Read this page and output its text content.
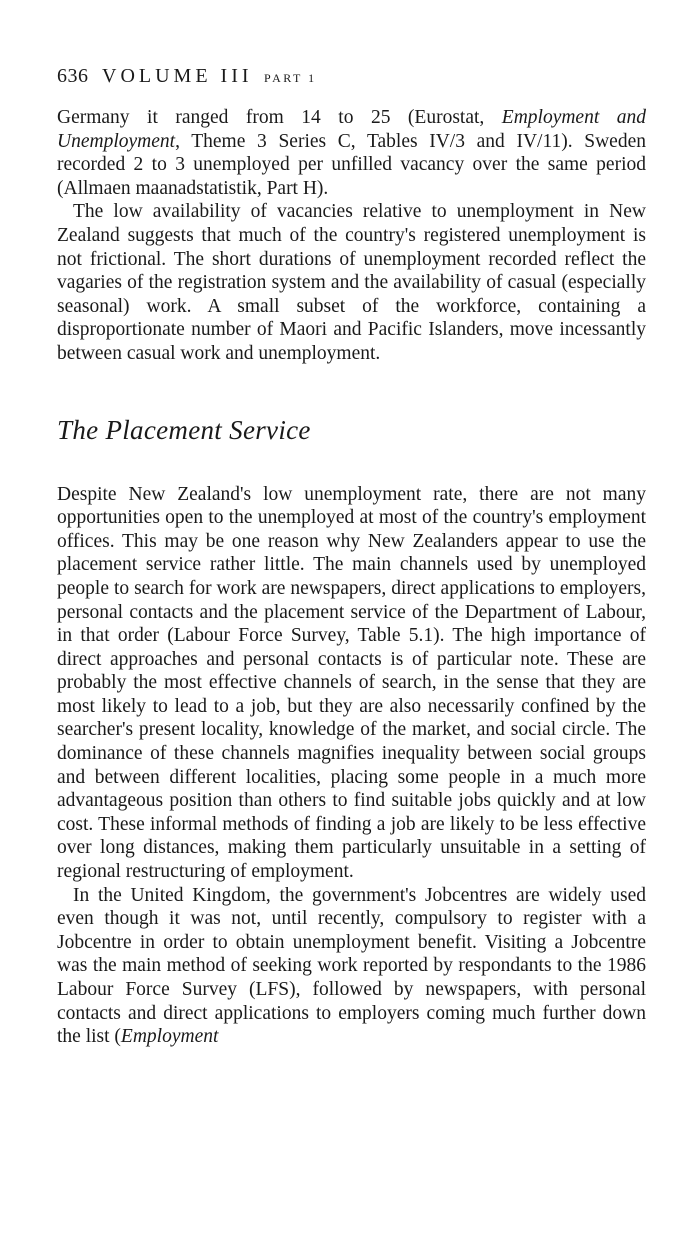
636 VOLUME III PART 1

Germany it ranged from 14 to 25 (Eurostat, Employment and Unemployment, Theme 3 Series C, Tables IV/3 and IV/11). Sweden recorded 2 to 3 unemployed per unfilled vacancy over the same period (Allmaen maanadstatistik, Part H).

The low availability of vacancies relative to unemployment in New Zealand suggests that much of the country's registered unemployment is not frictional. The short durations of unemployment recorded reflect the vagaries of the registration system and the availability of casual (especially seasonal) work. A small subset of the workforce, containing a disproportionate number of Maori and Pacific Islanders, move incessantly between casual work and unemployment.

The Placement Service

Despite New Zealand's low unemployment rate, there are not many opportunities open to the unemployed at most of the country's employment offices. This may be one reason why New Zealanders appear to use the placement service rather little. The main channels used by unemployed people to search for work are newspapers, direct applications to employers, personal contacts and the placement service of the Department of Labour, in that order (Labour Force Survey, Table 5.1). The high importance of direct approaches and personal contacts is of particular note. These are probably the most effective channels of search, in the sense that they are most likely to lead to a job, but they are also necessarily confined by the searcher's present locality, knowledge of the market, and social circle. The dominance of these channels magnifies inequality between social groups and between different localities, placing some people in a much more advantageous position than others to find suitable jobs quickly and at low cost. These informal methods of finding a job are likely to be less effective over long distances, making them particularly unsuitable in a setting of regional restructuring of employment.

In the United Kingdom, the government's Jobcentres are widely used even though it was not, until recently, compulsory to register with a Jobcentre in order to obtain unemployment benefit. Visiting a Jobcentre was the main method of seeking work reported by respondants to the 1986 Labour Force Survey (LFS), followed by newspapers, with personal contacts and direct applications to employers coming much further down the list (Employment
